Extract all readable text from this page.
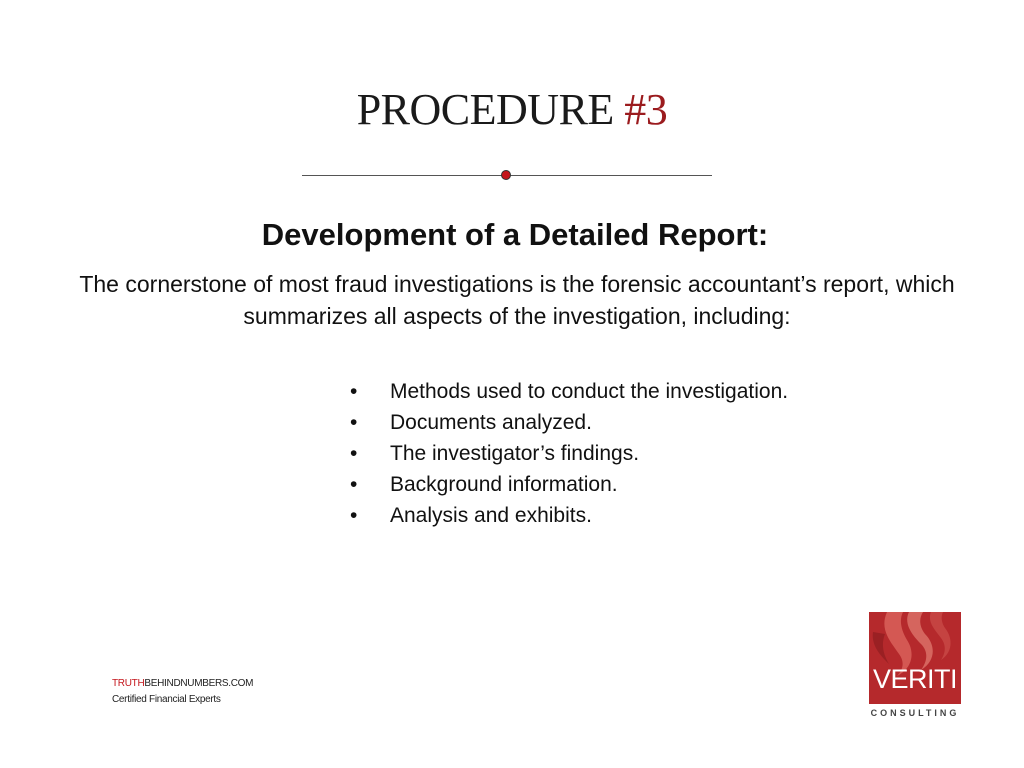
PROCEDURE #3
Development of a Detailed Report:
The cornerstone of most fraud investigations is the forensic accountant’s report, which summarizes all aspects of the investigation, including:
•	Methods used to conduct the investigation.
•	Documents analyzed.
•	The investigator’s findings.
•	Background information.
•	Analysis and exhibits.
TRUTHBEHINDNUMBERS.COM
Certified Financial Experts
VERITI
CONSULTING
